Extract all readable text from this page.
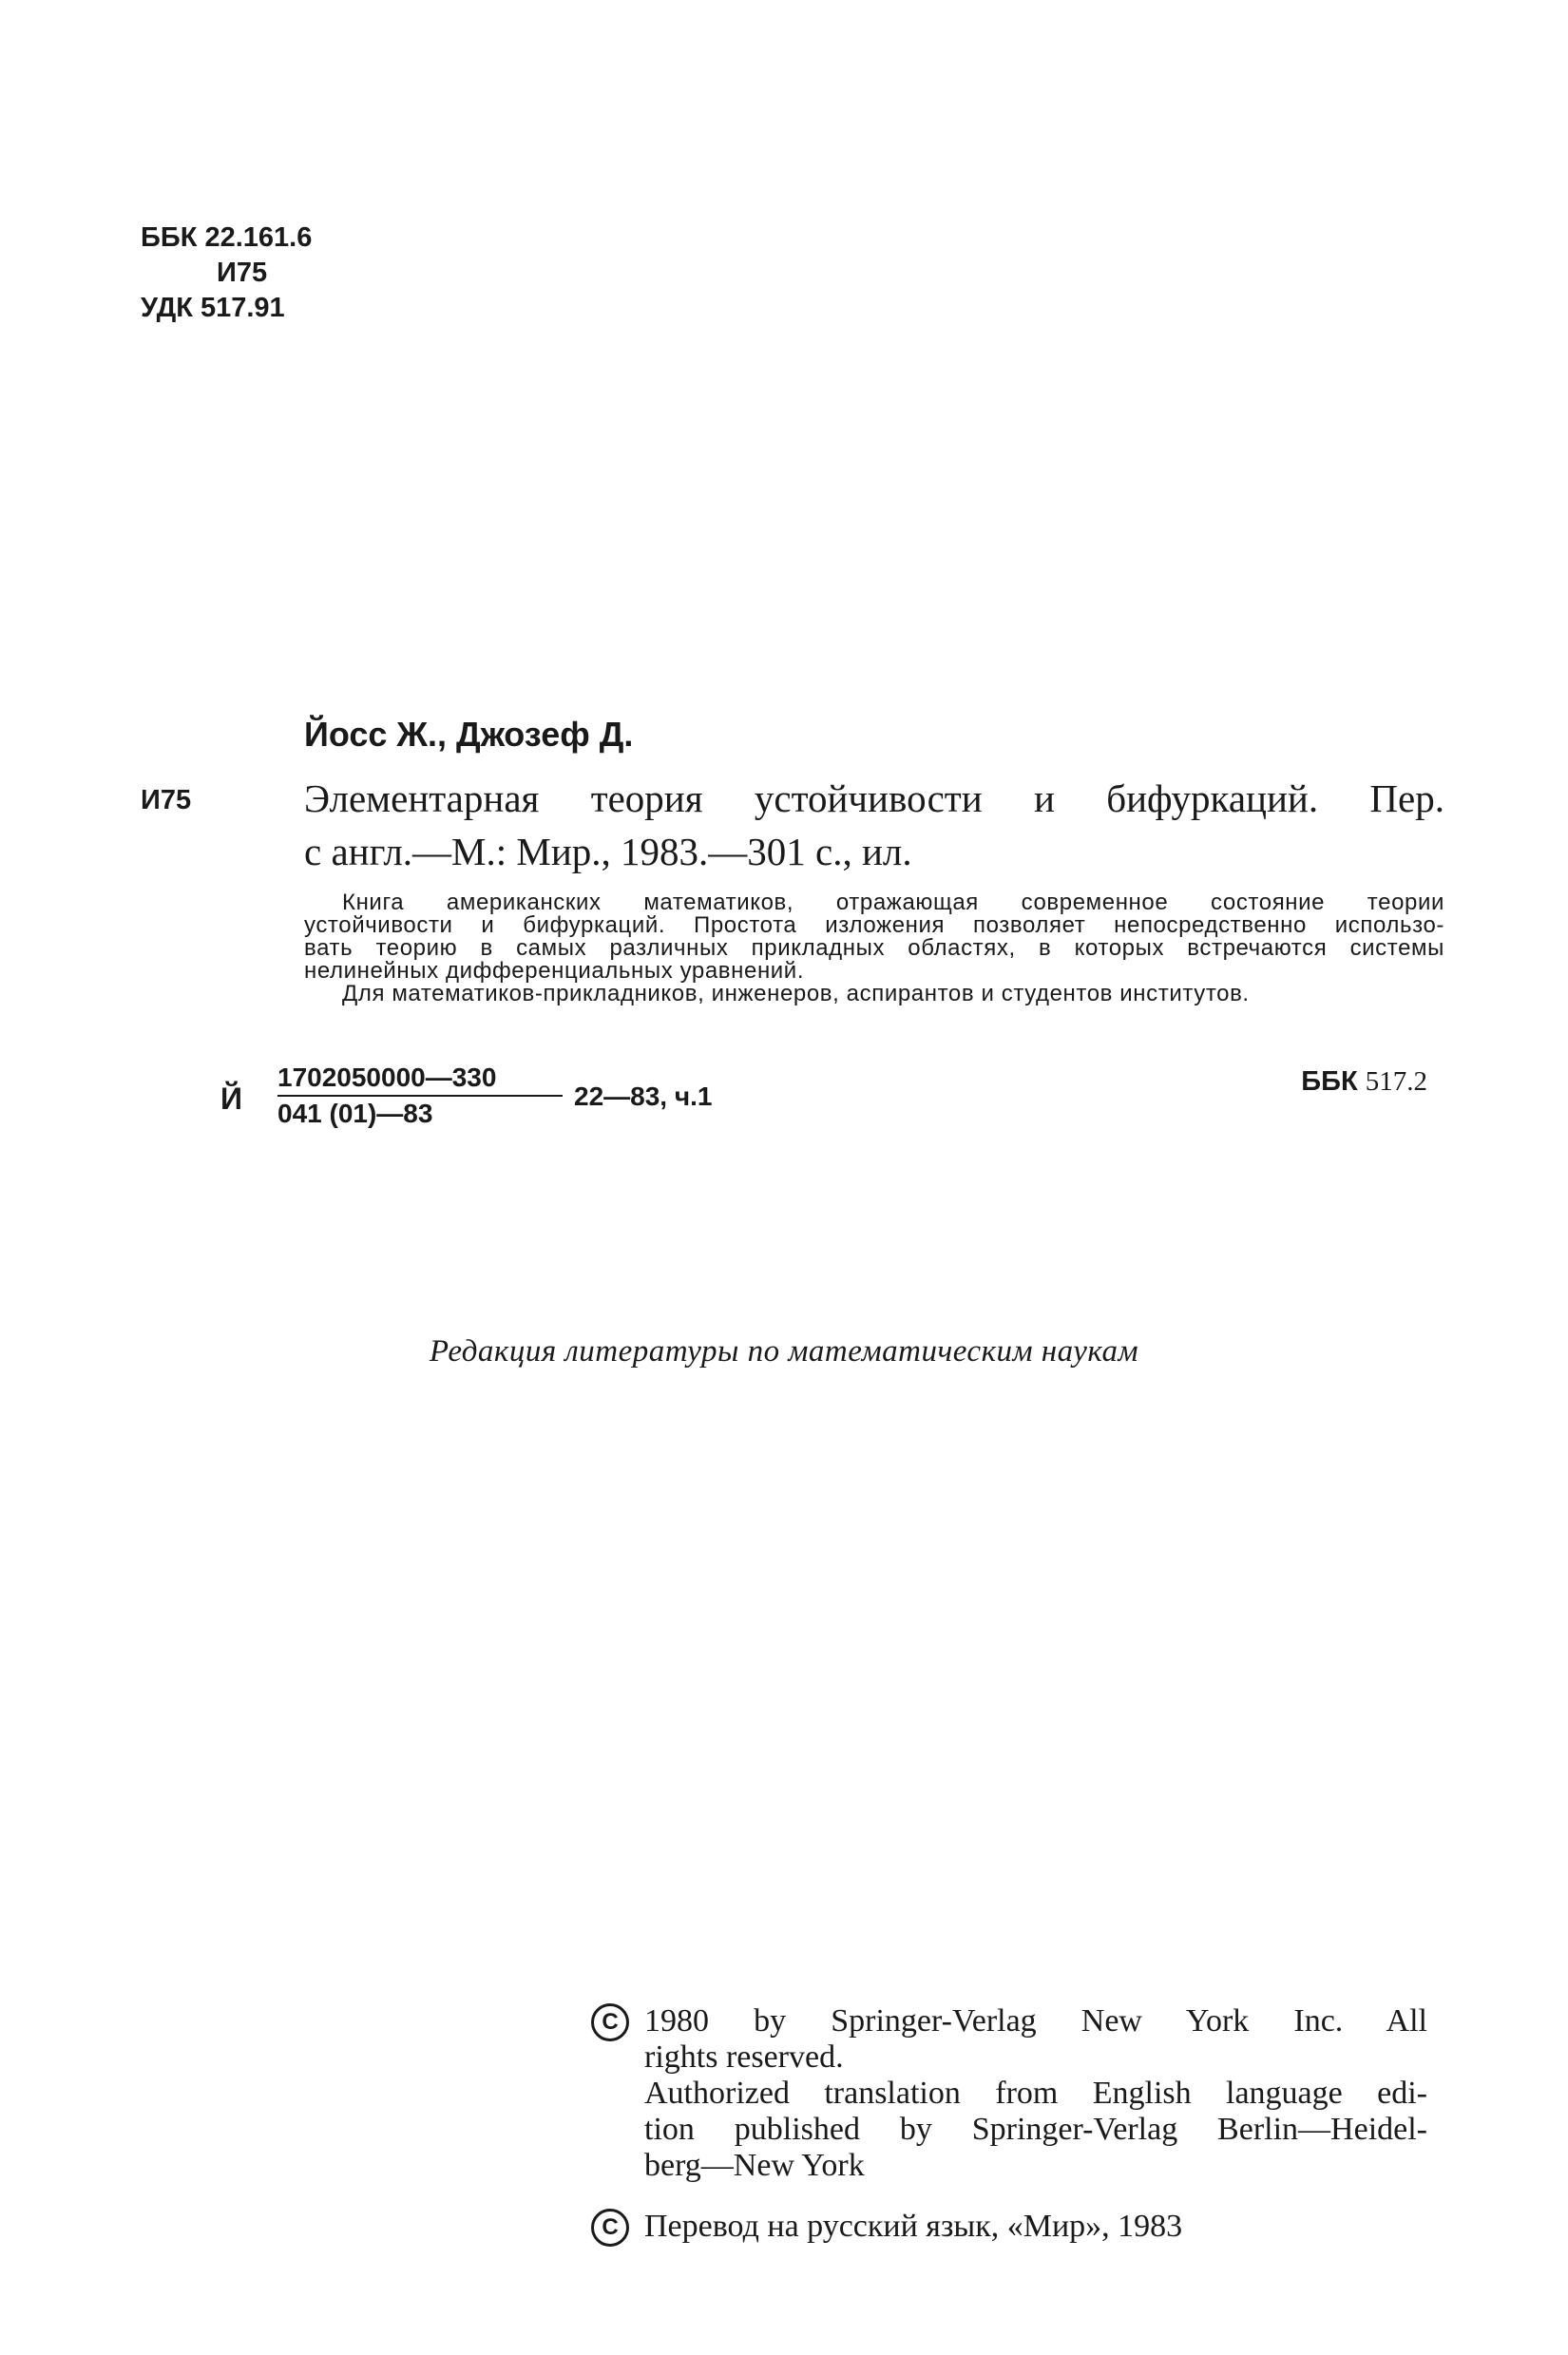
ББК 22.161.6
И75
УДК 517.91
Йосс Ж., Джозеф Д.
И75	Элементарная теория устойчивости и бифуркаций. Пер.
с англ.—М.: Мир., 1983.—301 с., ил.

Книга американских математиков, отражающая современное состояние теории

устойчивости и бифуркаций. Простота изложения позволяет непосредственно использо-

вать теорию в самых различных прикладных областях, в которых встречаются системы

нелинейных дифференциальных уравнений.

Для математиков-прикладников, инженеров, аспирантов и студентов институтов.

Й $\frac{1702050000—330}{041 (01)—83}$ 22—83, ч.1	ББК 517.2
Редакция литературы по математическим наукам
C 1980 by Springer-Verlag New York Inc. All

rights reserved.

Authorized translation from English language edi-

tion published by Springer-Verlag Berlin—Heidel-

berg—New York

C Перевод на русский язык, «Мир», 1983
